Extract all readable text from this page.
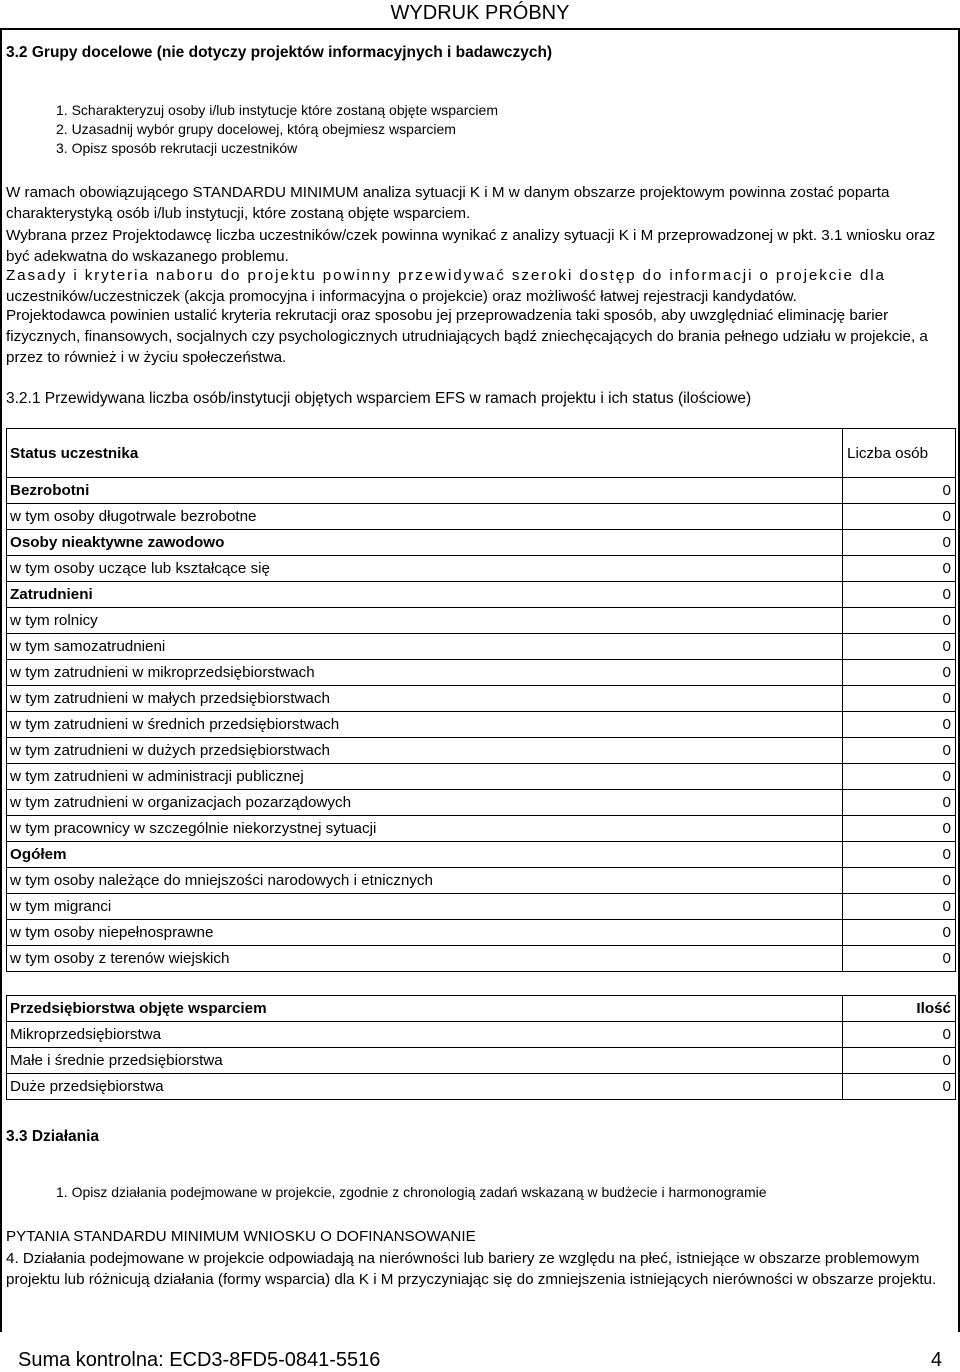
WYDRUK PRÓBNY
3.2 Grupy docelowe (nie dotyczy projektów informacyjnych i badawczych)
1. Scharakteryzuj osoby i/lub instytucje które zostaną objęte wsparciem
2. Uzasadnij wybór grupy docelowej, którą obejmiesz wsparciem
3. Opisz sposób rekrutacji uczestników
W ramach obowiązującego STANDARDU MINIMUM analiza sytuacji K i M w danym obszarze projektowym powinna zostać poparta charakterystyką osób i/lub instytucji, które zostaną objęte wsparciem.
Wybrana przez Projektodawcę liczba uczestników/czek powinna wynikać z analizy sytuacji K i M przeprowadzonej w pkt. 3.1 wniosku oraz być adekwatna do wskazanego problemu.
Zasady i kryteria naboru do projektu powinny przewidywać szeroki dostęp do informacji o projekcie dla
uczestników/uczestniczek (akcja promocyjna i informacyjna o projekcie) oraz możliwość łatwej rejestracji kandydatów.
Projektodawca powinien ustalić kryteria rekrutacji oraz sposobu jej przeprowadzenia taki sposób, aby uwzględniać eliminację barier fizycznych, finansowych, socjalnych czy psychologicznych utrudniających bądź zniechęcających do brania pełnego udziału w projekcie, a przez to również i w życiu społeczeństwa.
3.2.1 Przewidywana liczba osób/instytucji objętych wsparciem EFS w ramach projektu i ich status (ilościowe)
Status uczestnika	Liczba osób
Bezrobotni	0
w tym osoby długotrwale bezrobotne	0
Osoby nieaktywne zawodowo	0
w tym osoby uczące lub kształcące się	0
Zatrudnieni	0
w tym rolnicy	0
w tym samozatrudnieni	0
w tym zatrudnieni w mikroprzedsiębiorstwach	0
w tym zatrudnieni w małych przedsiębiorstwach	0
w tym zatrudnieni w średnich przedsiębiorstwach	0
w tym zatrudnieni w dużych przedsiębiorstwach	0
w tym zatrudnieni w administracji publicznej	0
w tym zatrudnieni w organizacjach pozarządowych	0
w tym pracownicy w szczególnie niekorzystnej sytuacji	0
Ogółem	0
w tym osoby należące do mniejszości narodowych i etnicznych	0
w tym migranci	0
w tym osoby niepełnosprawne	0
w tym osoby z terenów wiejskich	0
Przedsiębiorstwa objęte wsparciem	Ilość
Mikroprzedsiębiorstwa	0
Małe i średnie przedsiębiorstwa	0
Duże przedsiębiorstwa	0
3.3 Działania
1. Opisz działania podejmowane w projekcie, zgodnie z chronologią zadań wskazaną w budżecie i harmonogramie
PYTANIA STANDARDU MINIMUM WNIOSKU O DOFINANSOWANIE
4. Działania podejmowane w projekcie odpowiadają na nierówności lub bariery ze względu na płeć, istniejące w obszarze problemowym projektu lub różnicują działania (formy wsparcia) dla K i M przyczyniając się do zmniejszenia istniejących nierówności w obszarze projektu.
Suma kontrolna: ECD3-8FD5-0841-5516	4
